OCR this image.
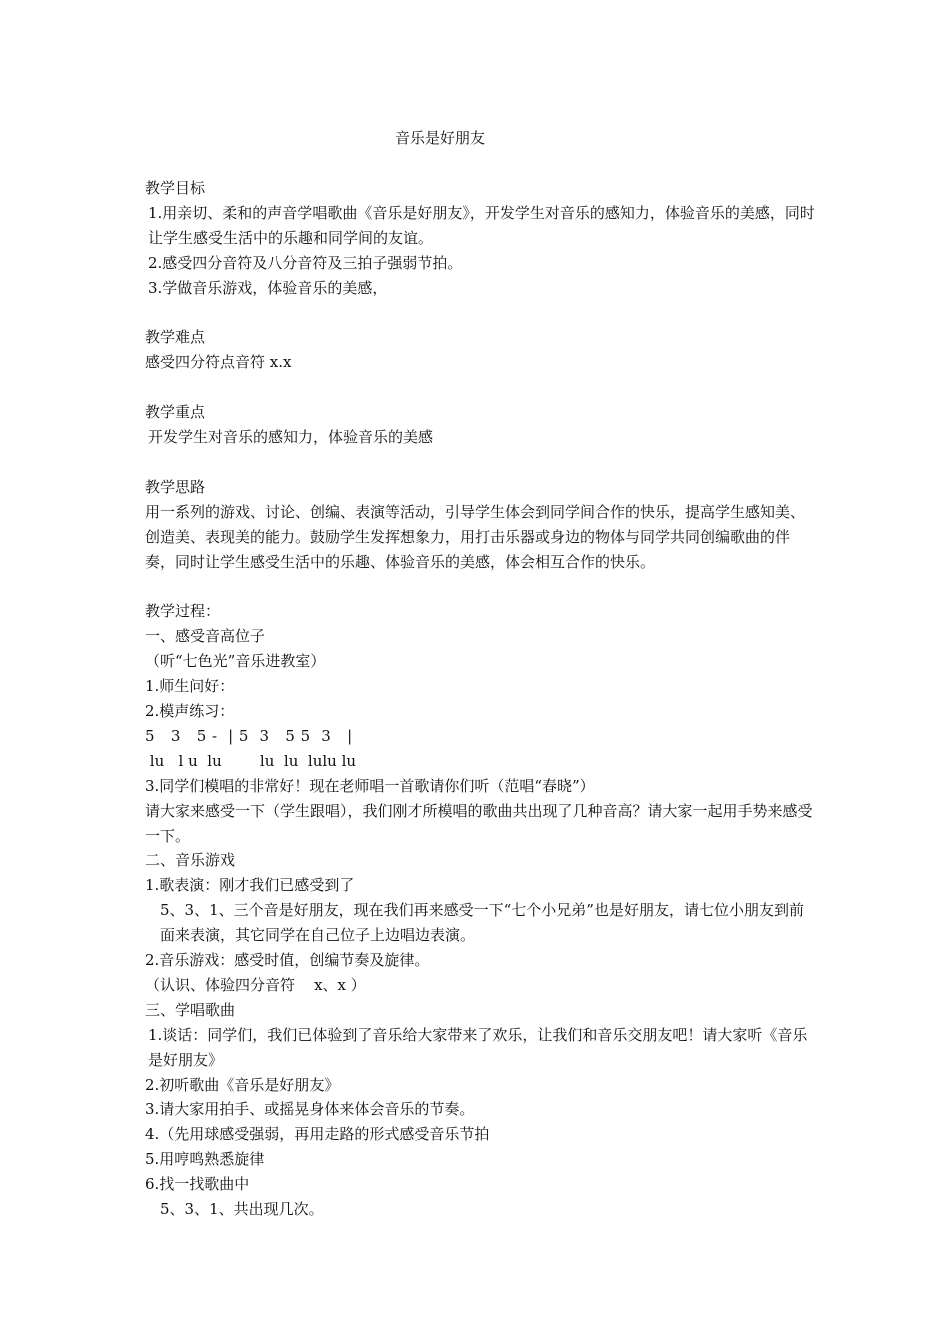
音乐是好朋友

教学目标

1.用亲切、柔和的声音学唱歌曲《音乐是好朋友》，开发学生对音乐的感知力，体验音乐的美感，同时让学生感受生活中的乐趣和同学间的友谊。

2.感受四分音符及八分音符及三拍子强弱节拍。

3.学做音乐游戏，体验音乐的美感，

教学难点

感受四分符点音符 x.x

教学重点

开发学生对音乐的感知力，体验音乐的美感

教学思路

用一系列的游戏、讨论、创编、表演等活动，引导学生体会到同学间合作的快乐，提高学生感知美、创造美、表现美的能力。鼓励学生发挥想象力，用打击乐器或身边的物体与同学共同创编歌曲的伴奏，同时让学生感受生活中的乐趣、体验音乐的美感，体会相互合作的快乐。

教学过程：

一、感受音高位子

（听“七色光”音乐进教室）

1.师生问好：

2.模声练习：

5   3   5 -  | 5  3   5 5  3   |

lu   l u  lu        lu  lu  lulu lu

3.同学们模唱的非常好！现在老师唱一首歌请你们听（范唱“春晓”）

请大家来感受一下（学生跟唱），我们刚才所模唱的歌曲共出现了几种音高？请大家一起用手势来感受一下。

二、音乐游戏

1.歌表演：刚才我们已感受到了

5、3、1、三个音是好朋友，现在我们再来感受一下“七个小兄弟”也是好朋友，请七位小朋友到前面来表演，其它同学在自己位子上边唱边表演。

2.音乐游戏：感受时值，创编节奏及旋律。

（认识、体验四分音符    x、x ）

三、学唱歌曲

1.谈话：同学们，我们已体验到了音乐给大家带来了欢乐，让我们和音乐交朋友吧！请大家听《音乐是好朋友》

2.初听歌曲《音乐是好朋友》

3.请大家用拍手、或摇晃身体来体会音乐的节奏。

4.（先用球感受强弱，再用走路的形式感受音乐节拍

5.用哼鸣熟悉旋律

6.找一找歌曲中

5、3、1、共出现几次。
